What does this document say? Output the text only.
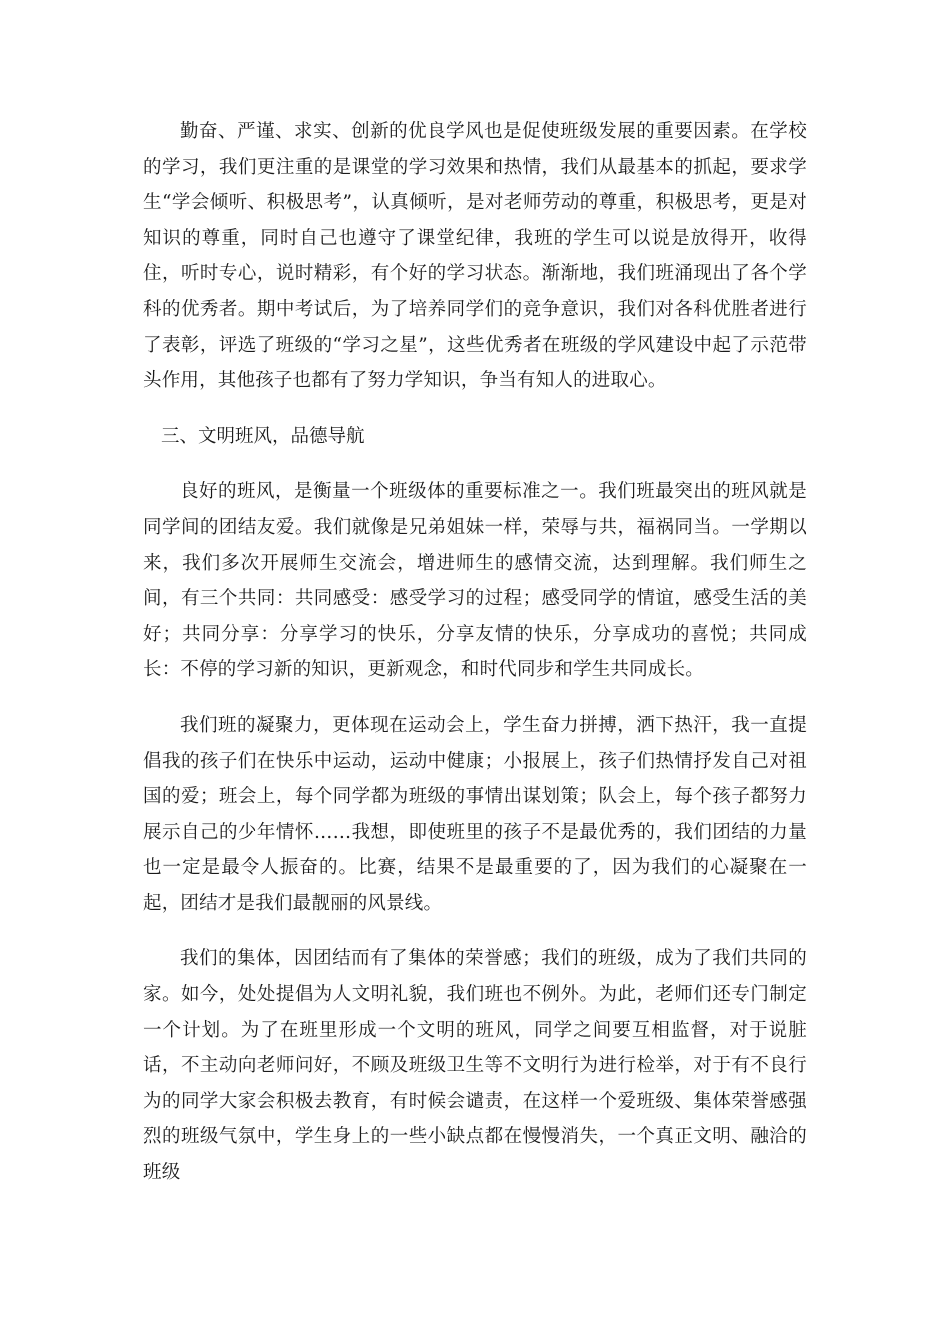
勤奋、严谨、求实、创新的优良学风也是促使班级发展的重要因素。在学校的学习，我们更注重的是课堂的学习效果和热情，我们从最基本的抓起，要求学生“学会倾听、积极思考”，认真倾听，是对老师劳动的尊重，积极思考，更是对知识的尊重，同时自己也遵守了课堂纪律，我班的学生可以说是放得开，收得住，听时专心，说时精彩，有个好的学习状态。渐渐地，我们班涌现出了各个学科的优秀者。期中考试后，为了培养同学们的竞争意识，我们对各科优胜者进行了表彰，评选了班级的“学习之星”，这些优秀者在班级的学风建设中起了示范带头作用，其他孩子也都有了努力学知识，争当有知人的进取心。

三、文明班风，品德导航

良好的班风，是衡量一个班级体的重要标准之一。我们班最突出的班风就是同学间的团结友爱。我们就像是兄弟姐妹一样，荣辱与共，福祸同当。一学期以来，我们多次开展师生交流会，增进师生的感情交流，达到理解。我们师生之间，有三个共同：共同感受：感受学习的过程；感受同学的情谊，感受生活的美好；共同分享：分享学习的快乐，分享友情的快乐，分享成功的喜悦；共同成长：不停的学习新的知识，更新观念，和时代同步和学生共同成长。

我们班的凝聚力，更体现在运动会上，学生奋力拼搏，洒下热汗，我一直提倡我的孩子们在快乐中运动，运动中健康；小报展上，孩子们热情抒发自己对祖国的爱；班会上，每个同学都为班级的事情出谋划策；队会上，每个孩子都努力展示自己的少年情怀……我想，即使班里的孩子不是最优秀的，我们团结的力量也一定是最令人振奋的。比赛，结果不是最重要的了，因为我们的心凝聚在一起，团结才是我们最靓丽的风景线。

我们的集体，因团结而有了集体的荣誉感；我们的班级，成为了我们共同的家。如今，处处提倡为人文明礼貌，我们班也不例外。为此，老师们还专门制定一个计划。为了在班里形成一个文明的班风，同学之间要互相监督，对于说脏话，不主动向老师问好，不顾及班级卫生等不文明行为进行检举，对于有不良行为的同学大家会积极去教育，有时候会谴责，在这样一个爱班级、集体荣誉感强烈的班级气氛中，学生身上的一些小缺点都在慢慢消失，一个真正文明、融洽的班级
